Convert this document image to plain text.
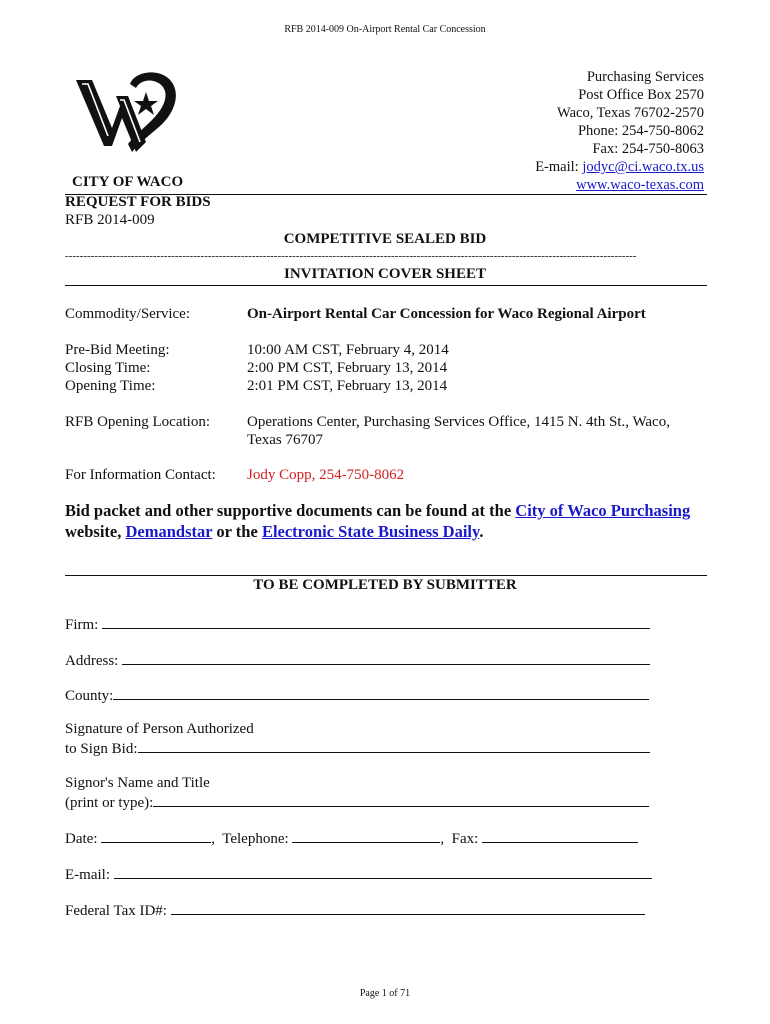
RFB 2014-009 On-Airport Rental Car Concession
Purchasing Services
Post Office Box 2570
Waco, Texas 76702-2570
Phone: 254-750-8062
Fax: 254-750-8063
E-mail: jodyc@ci.waco.tx.us
www.waco-texas.com
CITY OF WACO
REQUEST FOR BIDS
RFB 2014-009
COMPETITIVE SEALED BID
------------------------------------------------------------------------------------------------------------------------------------------------------------
INVITATION COVER SHEET
Commodity/Service:	On-Airport Rental Car Concession for Waco Regional Airport
Pre-Bid Meeting:	10:00 AM CST, February 4, 2014
Closing Time:	2:00 PM CST, February 13, 2014
Opening Time:	2:01 PM CST, February 13, 2014
RFB Opening Location: Operations Center, Purchasing Services Office, 1415 N. 4th St., Waco,
Texas 76707
For Information Contact: Jody Copp, 254-750-8062
Bid packet and other supportive documents can be found at the City of Waco Purchasing
website, Demandstar or the Electronic State Business Daily.
TO BE COMPLETED BY SUBMITTER
Firm:
Address:
County:
Signature of Person Authorized
to Sign Bid:
Signor's Name and Title
(print or type):
Date:	,  Telephone:	,  Fax:
E-mail:
Federal Tax ID#:
Page 1 of 71
